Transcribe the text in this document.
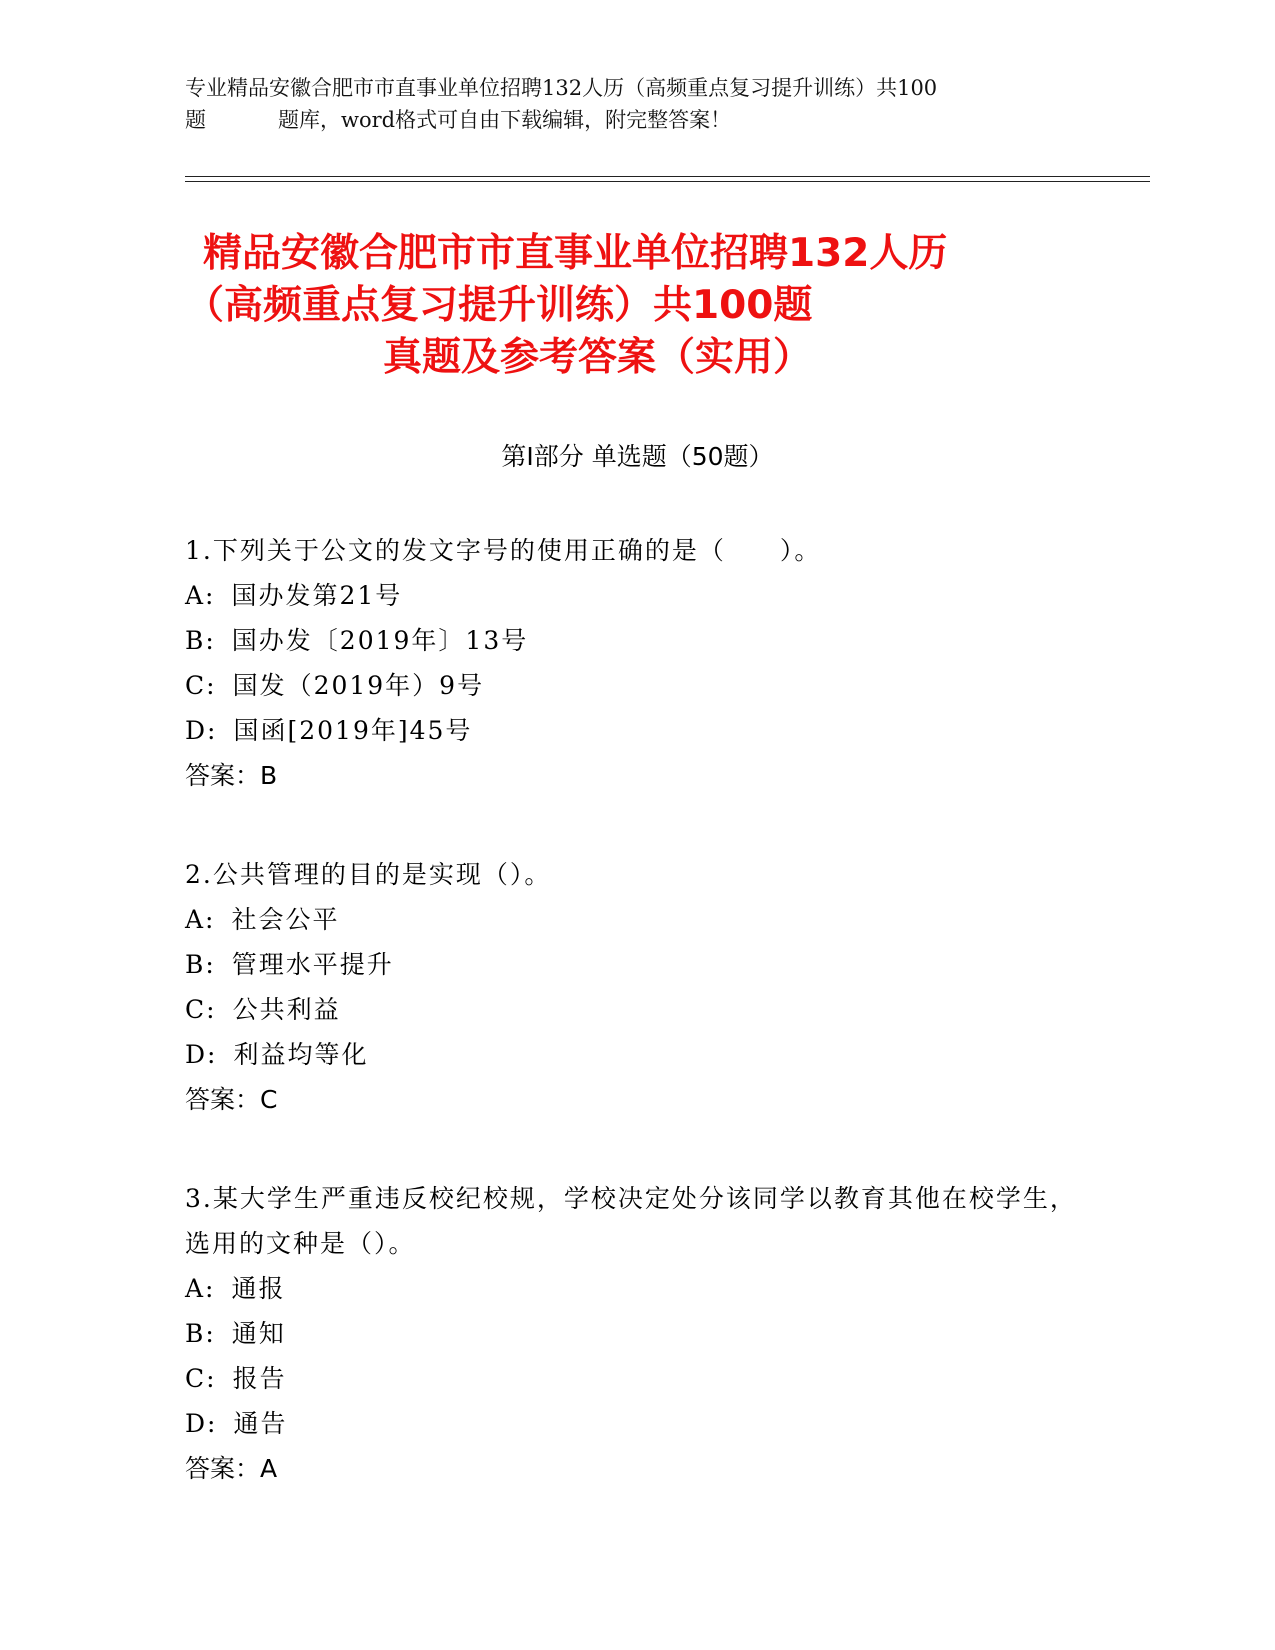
专业精品安徽合肥市市直事业单位招聘132人历（高频重点复习提升训练）共100
题	题库，word格式可自由下载编辑，附完整答案！
精品安徽合肥市市直事业单位招聘132人历
（高频重点复习提升训练）共100题
真题及参考答案（实用）
第Ⅰ部分 单选题（50题）
1.下列关于公文的发文字号的使用正确的是（　　）。
A: 国办发第21号
B: 国办发〔2019年〕13号
C: 国发（2019年）9号
D: 国函[2019年]45号
答案：B
2.公共管理的目的是实现（）。
A: 社会公平
B: 管理水平提升
C: 公共利益
D: 利益均等化
答案：C
3.某大学生严重违反校纪校规，学校决定处分该同学以教育其他在校学生，选用的文种是（）。
A: 通报
B: 通知
C: 报告
D: 通告
答案：A
